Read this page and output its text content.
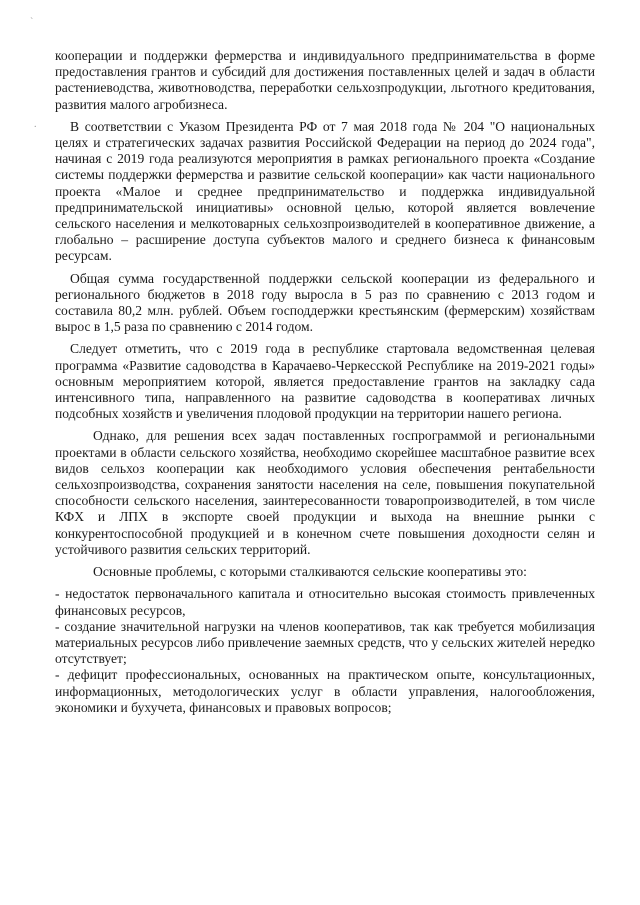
`
.

кооперации и поддержки фермерства и индивидуального предпринимательства в форме предоставления грантов и субсидий для достижения поставленных целей и задач в области растениеводства, животноводства, переработки сельхозпродукции, льготного кредитования, развития малого агробизнеса.

В соответствии с Указом Президента РФ от 7 мая 2018 года № 204 "О национальных целях и стратегических задачах развития Российской Федерации на период до 2024 года", начиная с 2019 года реализуются мероприятия в рамках регионального проекта «Создание системы поддержки фермерства и развитие сельской кооперации» как части национального проекта «Малое и среднее предпринимательство и поддержка индивидуальной предпринимательской инициативы» основной целью, которой является вовлечение сельского населения и мелкотоварных сельхозпроизводителей в кооперативное движение, а глобально – расширение доступа субъектов малого и среднего бизнеса к финансовым ресурсам.

Общая сумма государственной поддержки сельской кооперации из федерального и регионального бюджетов в 2018 году выросла в 5 раз по сравнению с 2013 годом и составила 80,2 млн. рублей. Объем господдержки крестьянским (фермерским) хозяйствам вырос в 1,5 раза по сравнению с 2014 годом.

Следует отметить, что с 2019 года в республике стартовала ведомственная целевая программа «Развитие садоводства в Карачаево-Черкесской Республике на 2019-2021 годы» основным мероприятием которой, является предоставление грантов на закладку сада интенсивного типа, направленного на развитие садоводства в кооперативах личных подсобных хозяйств и увеличения плодовой продукции на территории нашего региона.

Однако, для решения всех задач поставленных госпрограммой и региональными проектами в области сельского хозяйства, необходимо скорейшее масштабное развитие всех видов сельхоз кооперации как необходимого условия обеспечения рентабельности сельхозпроизводства, сохранения занятости населения на селе, повышения покупательной способности сельского населения, заинтересованности товаропроизводителей, в том числе КФХ и ЛПХ в экспорте своей продукции и выхода на внешние рынки с конкурентоспособной продукцией и в конечном счете повышения доходности селян и устойчивого развития сельских территорий.

Основные проблемы, с которыми сталкиваются сельские кооперативы это:

- недостаток первоначального капитала и относительно высокая стоимость привлеченных финансовых ресурсов,

- создание значительной нагрузки на членов кооперативов, так как требуется мобилизация материальных ресурсов либо привлечение заемных средств, что у сельских жителей нередко отсутствует;

- дефицит профессиональных, основанных на практическом опыте, консультационных, информационных, методологических услуг в области управления, налогообложения, экономики и бухучета, финансовых и правовых вопросов;
